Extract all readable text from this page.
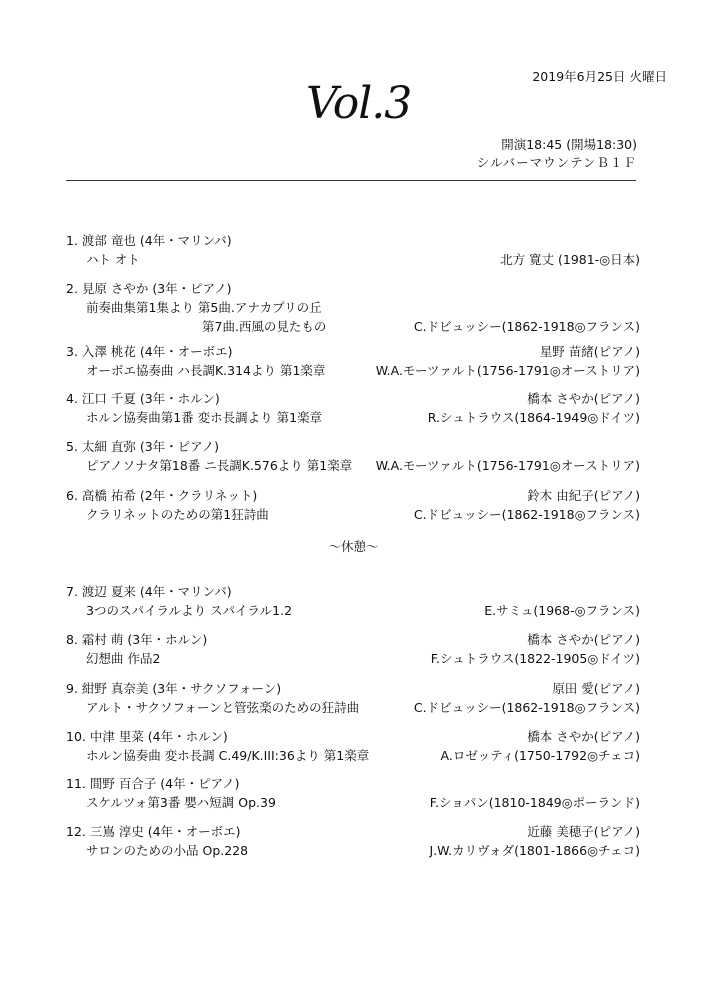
2019年6月25日 火曜日
Vol.3
開演18:45 (開場18:30)
シルバーマウンテンＢ１Ｆ
1. 渡部 竜也 (4年・マリンバ)
ハト オト	北方 寛丈 (1981-◎日本)
2. 見原 さやか (3年・ピアノ)
前奏曲集第1集より 第5曲.アナカプリの丘
第7曲.西風の見たもの	C.ドビュッシー(1862-1918◎フランス)
3. 入澤 桃花 (4年・オーボエ)	星野 苗緒(ピアノ)
オーボエ協奏曲 ハ長調K.314より 第1楽章	W.A.モーツァルト(1756-1791◎オーストリア)
4. 江口 千夏 (3年・ホルン)	橋本 さやか(ピアノ)
ホルン協奏曲第1番 変ホ長調より 第1楽章	R.シュトラウス(1864-1949◎ドイツ)
5. 太細 直弥 (3年・ピアノ)
ピアノソナタ第18番 ニ長調K.576より 第1楽章 W.A.モーツァルト(1756-1791◎オーストリア)
6. 高橋 祐希 (2年・クラリネット)	鈴木 由紀子(ピアノ)
クラリネットのための第1狂詩曲	C.ドビュッシー(1862-1918◎フランス)
〜休憩〜
7. 渡辺 夏来 (4年・マリンバ)
3つのスパイラルより スパイラル1.2	E.サミュ(1968-◎フランス)
8. 霜村 萌 (3年・ホルン)	橋本 さやか(ピアノ)
幻想曲 作品2	F.シュトラウス(1822-1905◎ドイツ)
9. 紺野 真奈美 (3年・サクソフォーン)	原田 愛(ピアノ)
アルト・サクソフォーンと管弦楽のための狂詩曲	C.ドビュッシー(1862-1918◎フランス)
10. 中津 里菜 (4年・ホルン)	橋本 さやか(ピアノ)
ホルン協奏曲 変ホ長調 C.49/K.III:36より 第1楽章	A.ロゼッティ(1750-1792◎チェコ)
11. 間野 百合子 (4年・ピアノ)
スケルツォ第3番 嬰ハ短調 Op.39	F.ショパン(1810-1849◎ポーランド)
12. 三嶌 淳史 (4年・オーボエ)	近藤 美穂子(ピアノ)
サロンのための小品 Op.228	J.W.カリヴォダ(1801-1866◎チェコ)
